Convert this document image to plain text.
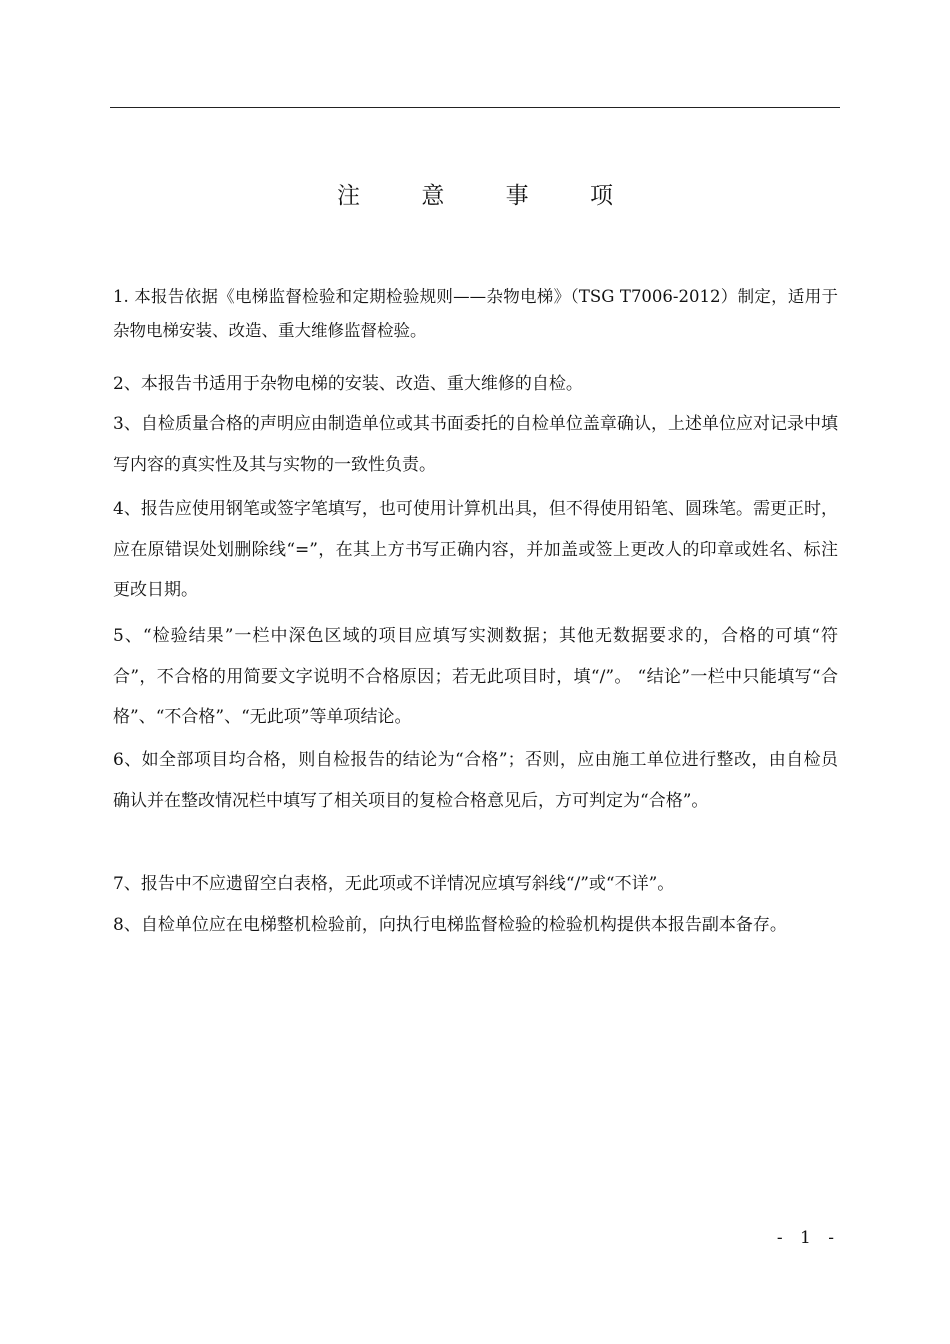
注 意 事 项

1. 本报告依据《电梯监督检验和定期检验规则——杂物电梯》（TSG T7006-2012）制定，适用于杂物电梯安装、改造、重大维修监督检验。

2、本报告书适用于杂物电梯的安装、改造、重大维修的自检。

3、自检质量合格的声明应由制造单位或其书面委托的自检单位盖章确认，上述单位应对记录中填写内容的真实性及其与实物的一致性负责。

4、报告应使用钢笔或签字笔填写，也可使用计算机出具，但不得使用铅笔、圆珠笔。需更正时，应在原错误处划删除线“=”，在其上方书写正确内容，并加盖或签上更改人的印章或姓名、标注更改日期。

5、“检验结果”一栏中深色区域的项目应填写实测数据；其他无数据要求的，合格的可填“符合”，不合格的用简要文字说明不合格原因；若无此项目时，填“/”。 “结论”一栏中只能填写“合格”、“不合格”、“无此项”等单项结论。

6、如全部项目均合格，则自检报告的结论为“合格”；否则，应由施工单位进行整改，由自检员确认并在整改情况栏中填写了相关项目的复检合格意见后，方可判定为“合格”。

7、报告中不应遗留空白表格，无此项或不详情况应填写斜线“/”或“不详”。

8、自检单位应在电梯整机检验前，向执行电梯监督检验的检验机构提供本报告副本备存。

- 1 -
